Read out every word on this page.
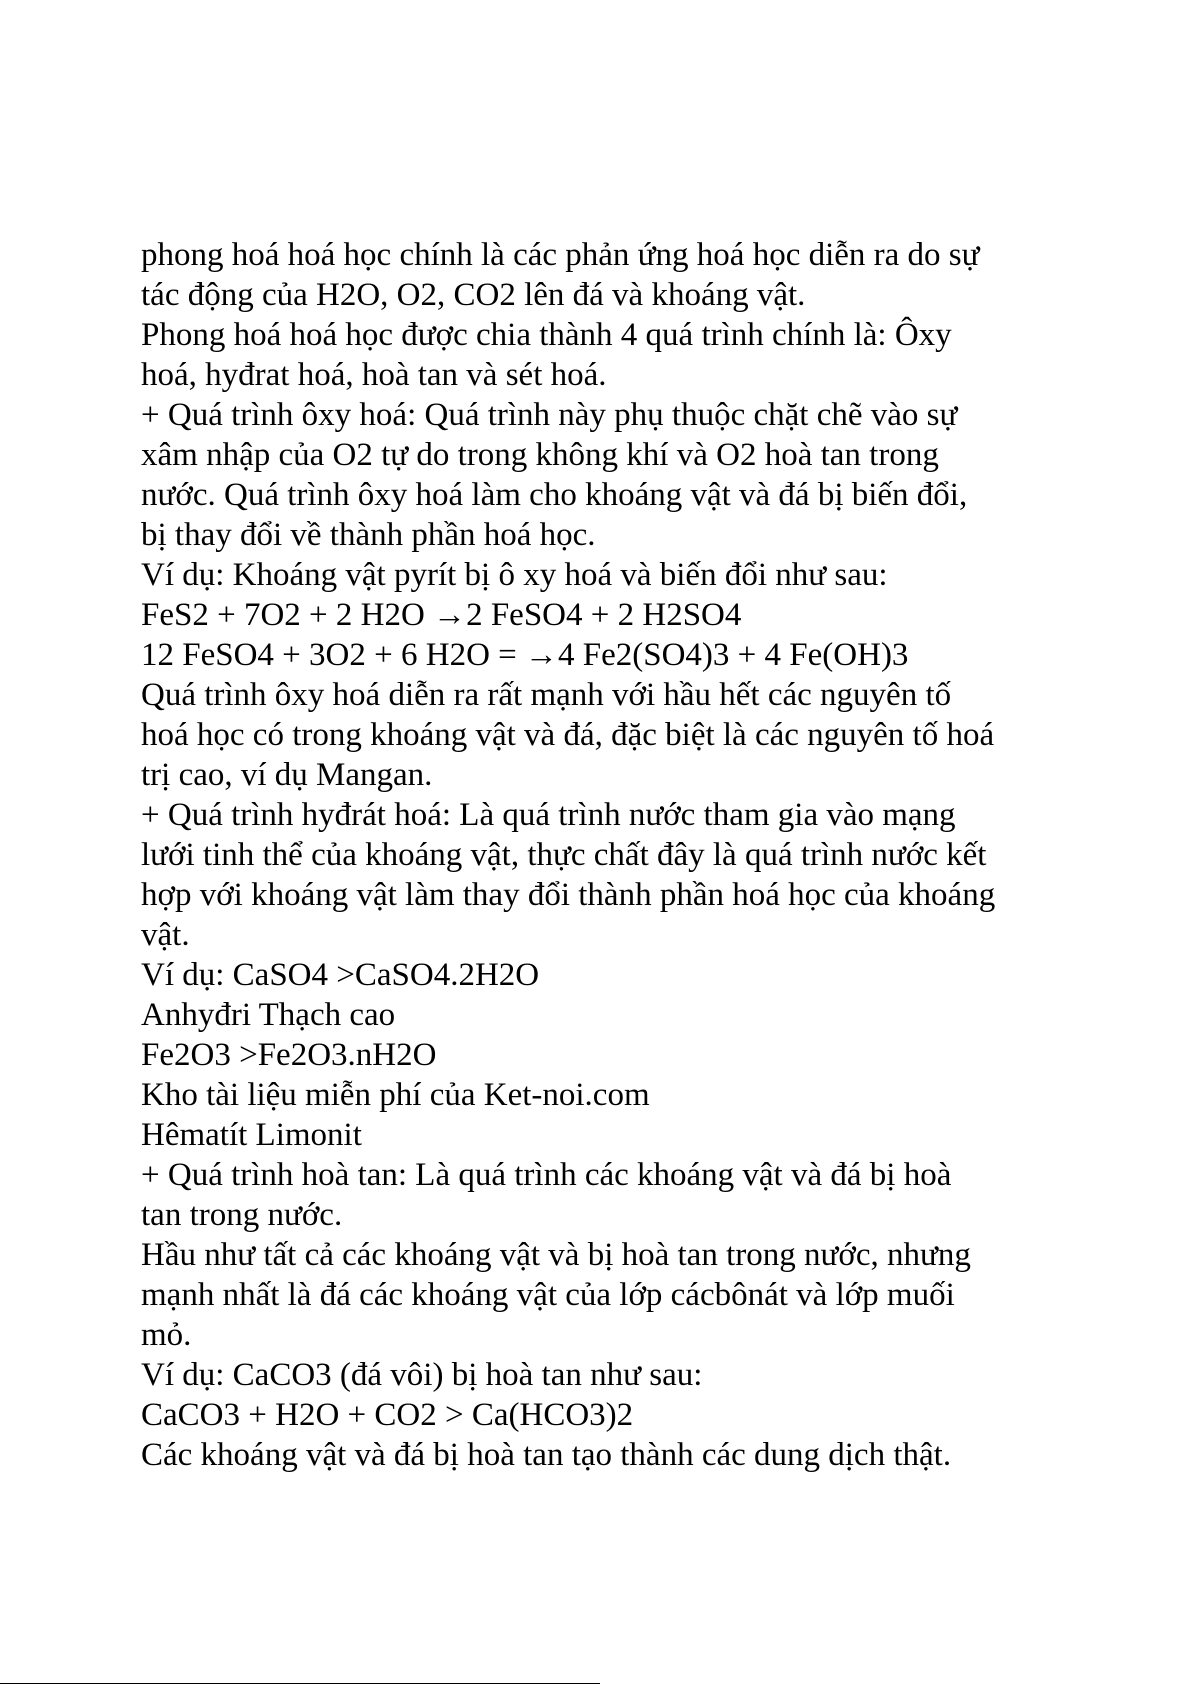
phong hoá hoá học chính là các phản ứng hoá học diễn ra do sự
tác động của H2O, O2, CO2 lên đá và khoáng vật.
Phong hoá hoá học được chia thành 4 quá trình chính là: Ôxy
hoá, hyđrat hoá, hoà tan và sét hoá.
+ Quá trình ôxy hoá: Quá trình này phụ thuộc chặt chẽ vào sự
xâm nhập của O2 tự do trong không khí và O2 hoà tan trong
nước. Quá trình ôxy hoá làm cho khoáng vật và đá bị biến đổi,
bị thay đổi về thành phần hoá học.
Ví dụ: Khoáng vật pyrít bị ô xy hoá và biến đổi như sau:
FeS2 + 7O2 + 2 H2O →2 FeSO4 + 2 H2SO4
12 FeSO4 + 3O2 + 6 H2O = →4 Fe2(SO4)3 + 4 Fe(OH)3
Quá trình ôxy hoá diễn ra rất mạnh với hầu hết các nguyên tố
hoá học có trong khoáng vật và đá, đặc biệt là các nguyên tố hoá
trị cao, ví dụ Mangan.
+ Quá trình hyđrát hoá: Là quá trình nước tham gia vào mạng
lưới tinh thể của khoáng vật, thực chất đây là quá trình nước kết
hợp với khoáng vật làm thay đổi thành phần hoá học của khoáng
vật.
Ví dụ: CaSO4 >CaSO4.2H2O
Anhyđri Thạch cao
Fe2O3 >Fe2O3.nH2O
Kho tài liệu miễn phí của Ket-noi.com
Hêmatít Limonit
+ Quá trình hoà tan: Là quá trình các khoáng vật và đá bị hoà
tan trong nước.
Hầu như tất cả các khoáng vật và bị hoà tan trong nước, nhưng
mạnh nhất là đá các khoáng vật của lớp cácbônát và lớp muối
mỏ.
Ví dụ: CaCO3 (đá vôi) bị hoà tan như sau:
CaCO3 + H2O + CO2 > Ca(HCO3)2
Các khoáng vật và đá bị hoà tan tạo thành các dung dịch thật.
